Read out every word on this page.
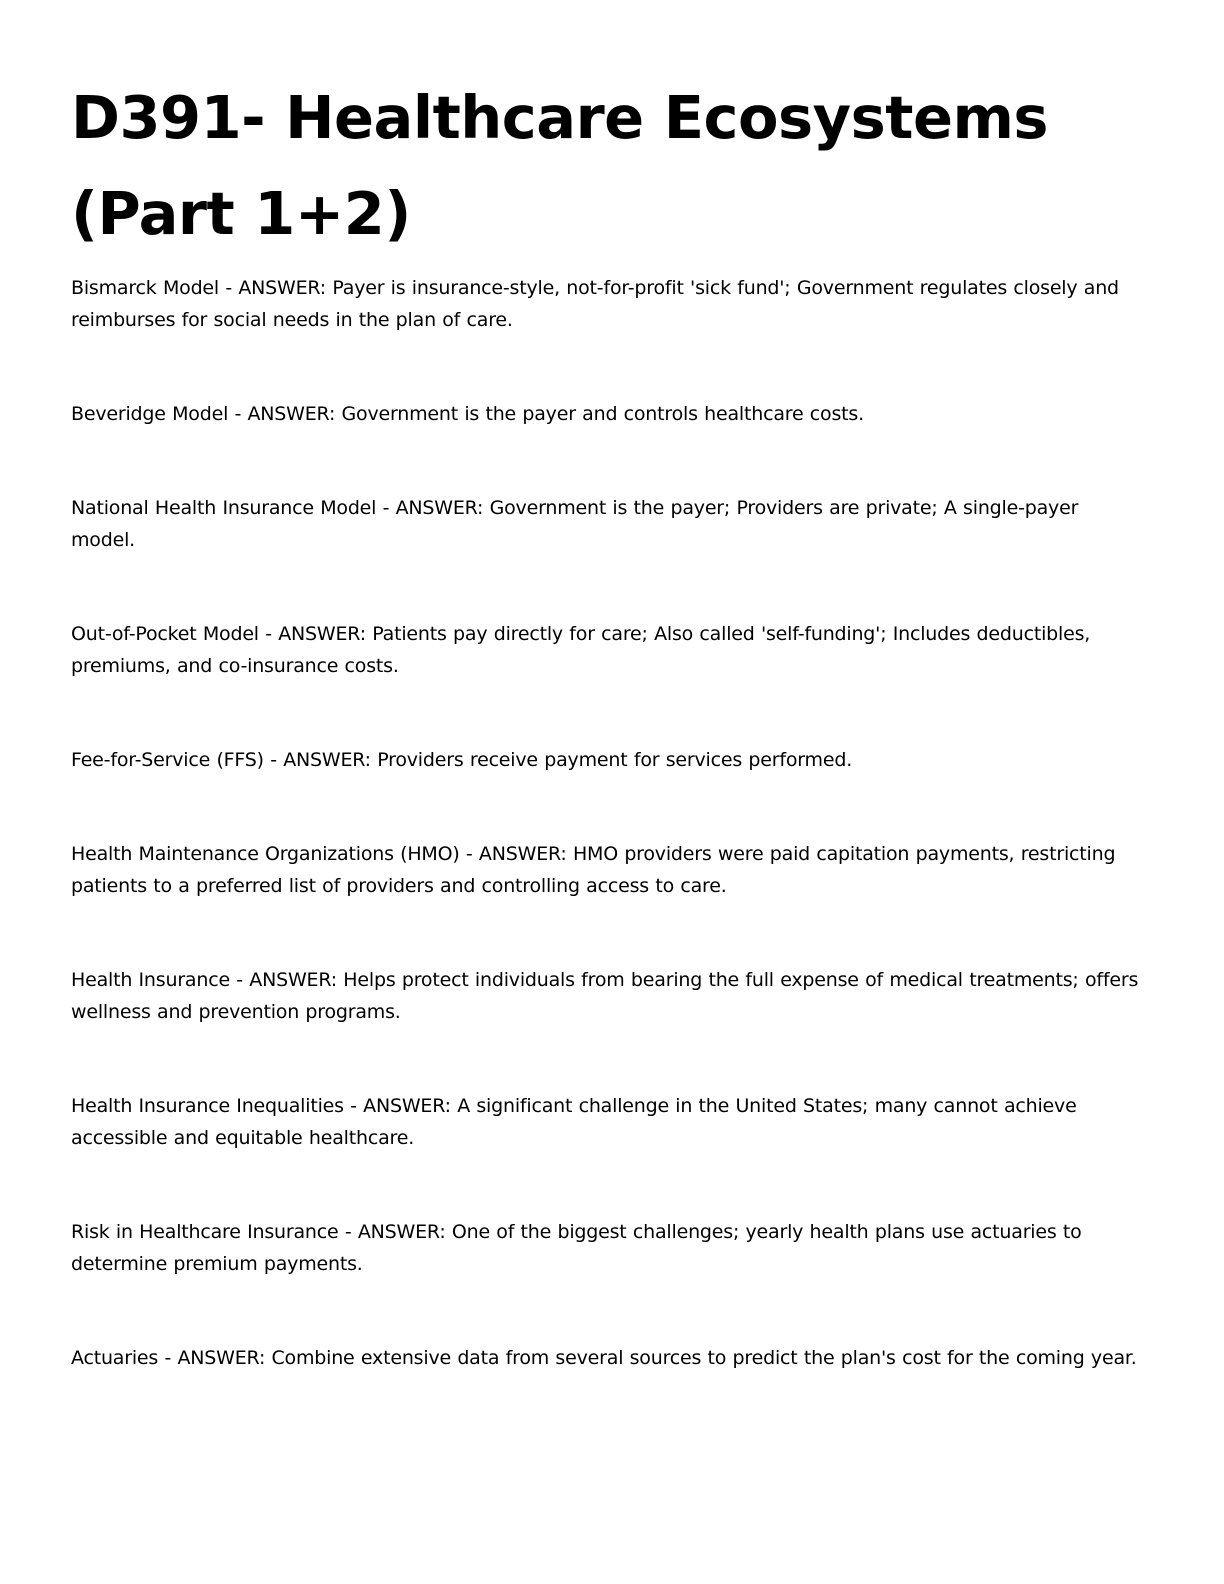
D391- Healthcare Ecosystems (Part 1+2)

Bismarck Model - ANSWER: Payer is insurance-style, not-for-profit 'sick fund'; Government regulates closely and reimburses for social needs in the plan of care.

Beveridge Model - ANSWER: Government is the payer and controls healthcare costs.

National Health Insurance Model - ANSWER: Government is the payer; Providers are private; A single-payer model.

Out-of-Pocket Model - ANSWER: Patients pay directly for care; Also called 'self-funding'; Includes deductibles, premiums, and co-insurance costs.

Fee-for-Service (FFS) - ANSWER: Providers receive payment for services performed.

Health Maintenance Organizations (HMO) - ANSWER: HMO providers were paid capitation payments, restricting patients to a preferred list of providers and controlling access to care.

Health Insurance - ANSWER: Helps protect individuals from bearing the full expense of medical treatments; offers wellness and prevention programs.

Health Insurance Inequalities - ANSWER: A significant challenge in the United States; many cannot achieve accessible and equitable healthcare.

Risk in Healthcare Insurance - ANSWER: One of the biggest challenges; yearly health plans use actuaries to determine premium payments.

Actuaries - ANSWER: Combine extensive data from several sources to predict the plan's cost for the coming year.
